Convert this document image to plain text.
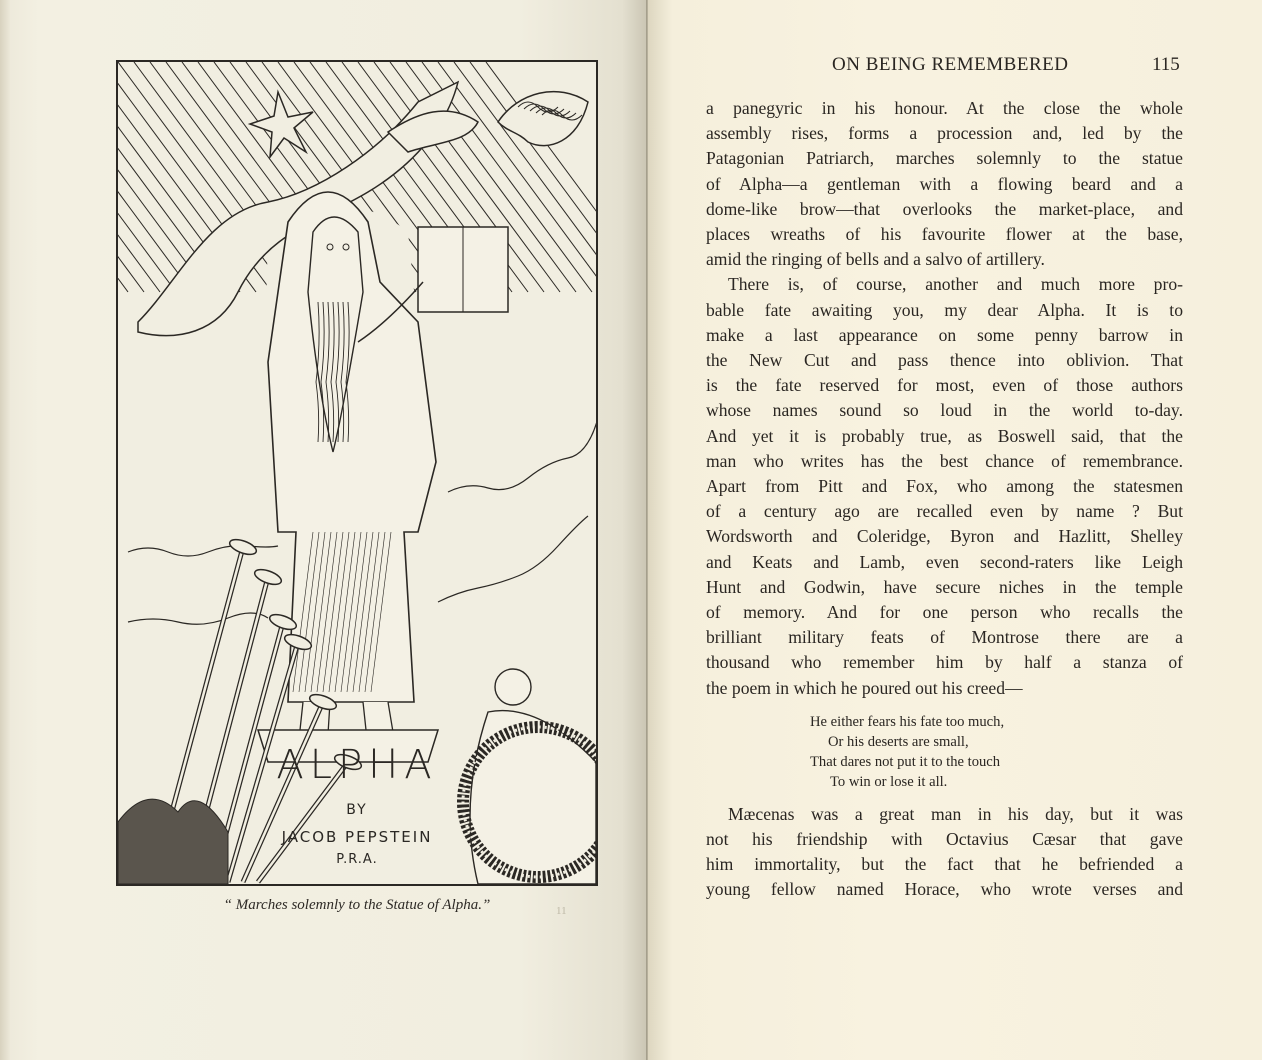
ALPHA
BY
JACOB PEPSTEIN
P.R.A.
“ Marches solemnly to the Statue of Alpha.”	11
ON BEING REMEMBERED	115

a panegyric in his honour. At the close the whole

assembly rises, forms a procession and, led by the

Patagonian Patriarch, marches solemnly to the statue

of Alpha—a gentleman with a flowing beard and a

dome-like brow—that overlooks the market-place, and

places wreaths of his favourite flower at the base,

amid the ringing of bells and a salvo of artillery.

There is, of course, another and much more pro-

bable fate awaiting you, my dear Alpha. It is to

make a last appearance on some penny barrow in

the New Cut and pass thence into oblivion. That

is the fate reserved for most, even of those authors

whose names sound so loud in the world to-day.

And yet it is probably true, as Boswell said, that the

man who writes has the best chance of remembrance.

Apart from Pitt and Fox, who among the statesmen

of a century ago are recalled even by name ? But

Wordsworth and Coleridge, Byron and Hazlitt, Shelley

and Keats and Lamb, even second-raters like Leigh

Hunt and Godwin, have secure niches in the temple

of memory. And for one person who recalls the

brilliant military feats of Montrose there are a

thousand who remember him by half a stanza of

the poem in which he poured out his creed—

He either fears his fate too much,
Or his deserts are small,
That dares not put it to the touch
To win or lose it all.

Mæcenas was a great man in his day, but it was

not his friendship with Octavius Cæsar that gave

him immortality, but the fact that he befriended a

young fellow named Horace, who wrote verses and
